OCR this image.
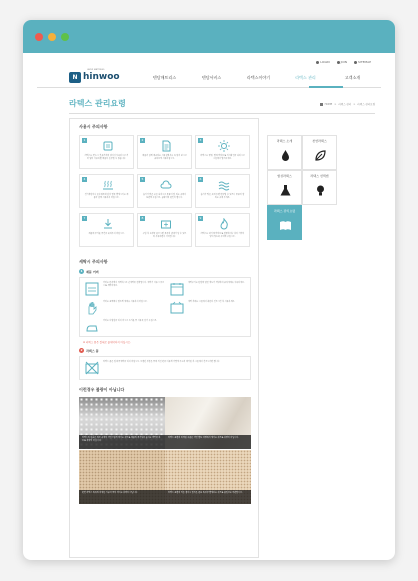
LOGIN	JOIN	SITEMAP
N hinwoo
LATEX MATTRESS
텐담매트리스	텐담서비스	라텍스이야기	라텍스 관리	고객소개
라텍스 관리요령	HOME > 라텍스 관리 > 라텍스 관리요령
사용시 주의사항
1
라텍스는 반드시 전용커버에 넣어서 사용하시고 커버 없이 사용하면 제품이 손상될 수 있습니다.
2
제품과 함께 제공되는 사용설명서를 꼭 읽어 보시고 올바르게 사용하십시오.
3
라텍스는 햇빛, 열에 약하므로 직사광선을 피하시고 그늘에서 말려주세요.
4
전기장판이나 온수매트와 같이 열을 발생시키는 제품과 함께 사용하지 마십시오.
5
습기가 많은 곳은 피하시고 통풍이 잘 되는 곳에서 보관해 주십시오. 곰팡이의 원인이 됩니다.
6
습기가 많은 곳에 두면 변형될 수 있으니 통풍이 잘 되는 곳에 두세요.
7
제품에 무거운 물건을 올려두지 마십시오.
8
구입 후 포장을 뜯으시면 특유의 냄새가 날 수 있으며 사용하면서 사라집니다.
9
라텍스는 화기에 약하므로 담뱃불이나 불이 가까이 닿지 않도록 주의해 주십시오.
세탁시 주의사항
1	제품 커버
커버는 분리해서 세탁하시고 손세탁을 권장합니다. 세탁기 사용시 울코스로 세탁하세요.
세탁주기는 한달에 한번 정도가 적당하며 중성세제를 사용하세요.
커버는 표백제나 염소계 세제를 사용하지 마십시오.	세탁 후에는 그늘에서 충분히 건조시킨 후 사용하세요.
커버는 다림질을 하지 마시고 뜨거운 물 사용을 삼가 주십시오.
※ 라텍스 폼은 절대로 물세탁하지 마십시오.
2	라텍스 폼
라텍스 폼은 절대 물세탁을 하지 마십시오. 오염된 부분은 물에 적신 천을 이용해 가볍게 두드려 제거한 후 그늘에서 건조시키면 됩니다.
이런경우 불량이 아닙니다
라텍스의 핀홀은 제조 공정상 자연스럽게 생기는 것으로 제품의 통기성을 높이는 역할을 하므로 불량이 아닙니다.
라텍스 표면의 미세한 주름은 자연 발포 과정에서 생기는 것으로 불량이 아닙니다.
천연 라텍스 특유의 미세한 기공과 색상 차이는 불량이 아닙니다.	라텍스 표면의 작은 점이나 얼룩은 원료 특성상 발생하는 것으로 품질과는 무관합니다.
라텍스 소개	천연라텍스
합성라텍스	라텍스 선택법
라텍스 관리요령
